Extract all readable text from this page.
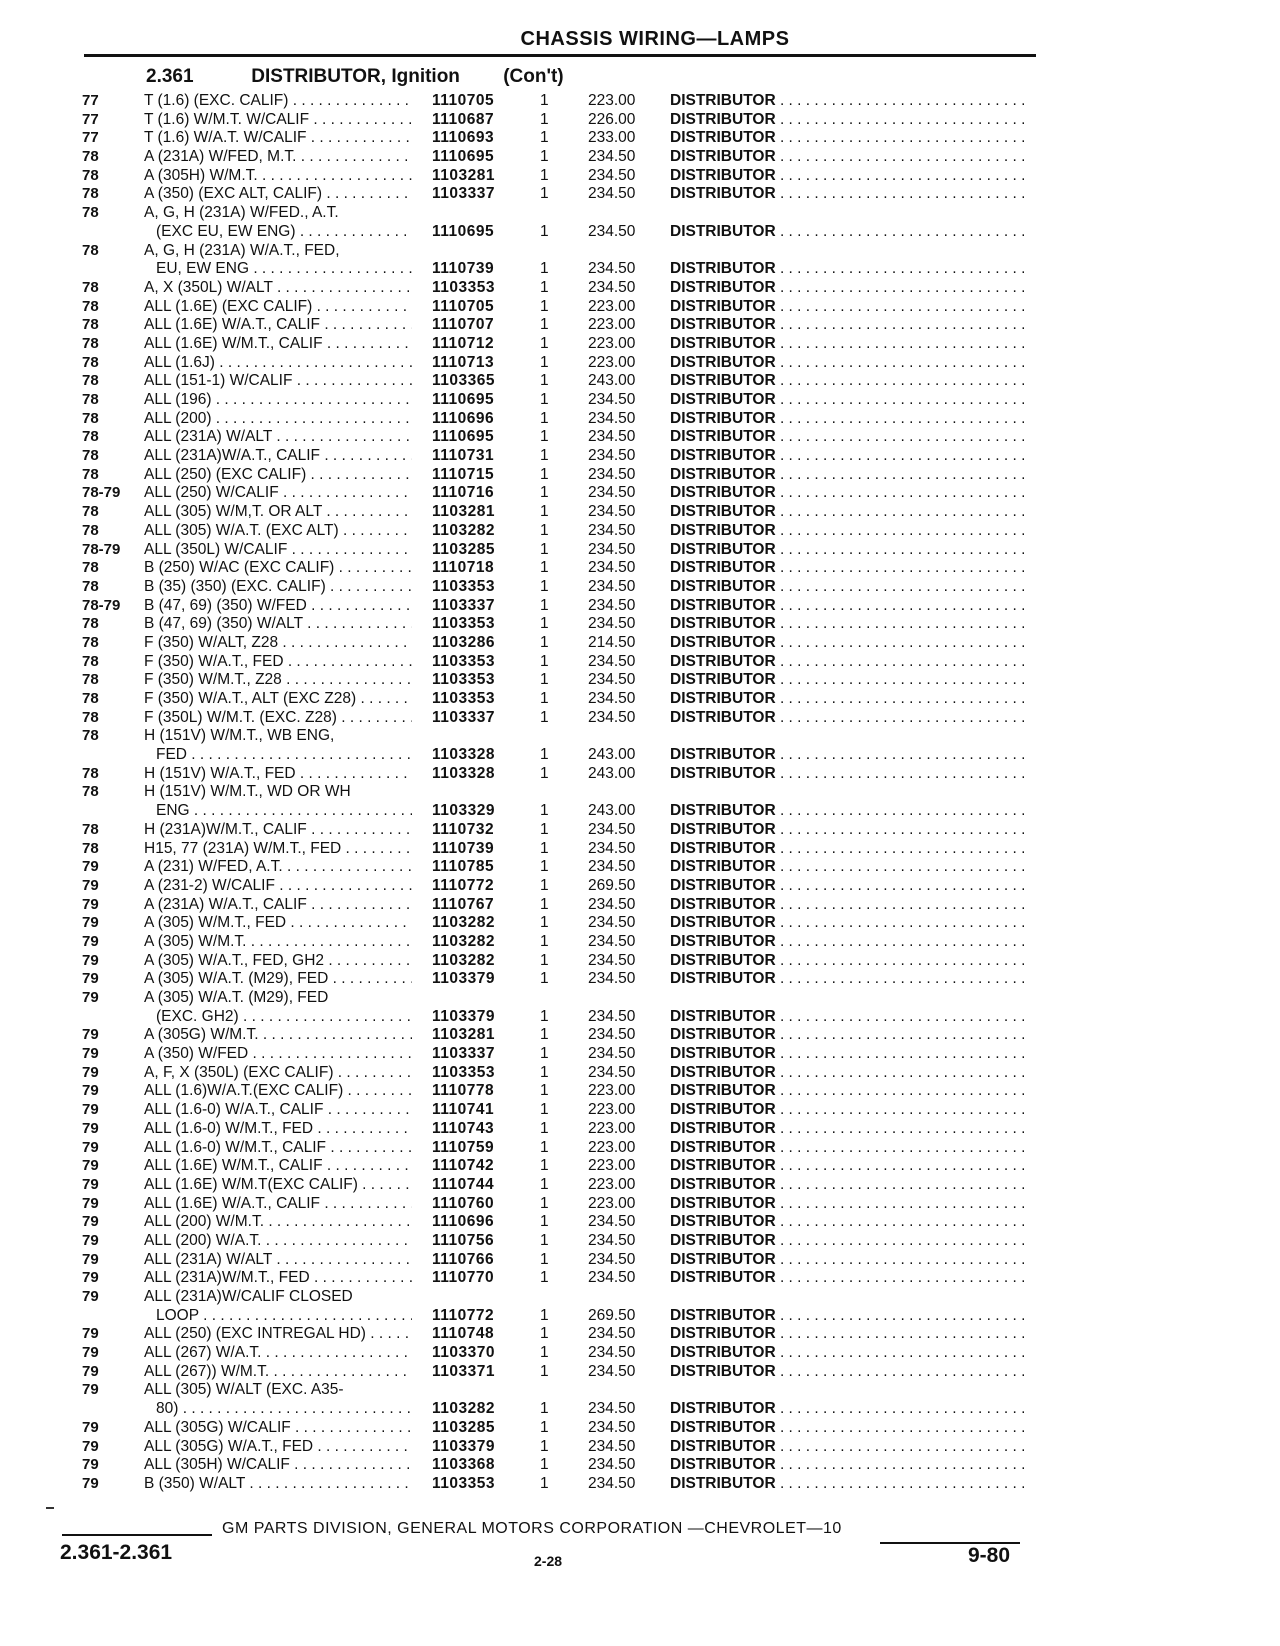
CHASSIS WIRING—LAMPS
2.361	DISTRIBUTOR, Ignition (Con't)
77	T (1.6) (EXC. CALIF) . . .	1110705	1	223.00 DISTRIBUTOR . . .
77	T (1.6) W/M.T. W/CALIF . . .	1110687	1	226.00 DISTRIBUTOR . . .
77	T (1.6) W/A.T. W/CALIF . . .	1110693	1	233.00 DISTRIBUTOR . . .
78	A (231A) W/FED, M.T. . . .	1110695	1	234.50 DISTRIBUTOR . . .
78	A (305H) W/M.T. . . .	1103281	1	234.50 DISTRIBUTOR . . .
78	A (350) (EXC ALT, CALIF) . . .	1103337	1	234.50 DISTRIBUTOR . . .
78	A, G, H (231A) W/FED., A.T.
(EXC EU, EW ENG) . . .	1110695	1	234.50 DISTRIBUTOR . . .
78	A, G, H (231A) W/A.T., FED,
EU, EW ENG . . .	1110739	1	234.50 DISTRIBUTOR . . .
78	A, X (350L) W/ALT . . .	1103353	1	234.50 DISTRIBUTOR . . .
78	ALL (1.6E) (EXC CALIF) . . .	1110705	1	223.00 DISTRIBUTOR . . .
78	ALL (1.6E) W/A.T., CALIF . . .	1110707	1	223.00 DISTRIBUTOR . . .
78	ALL (1.6E) W/M.T., CALIF . . .	1110712	1	223.00 DISTRIBUTOR . . .
78	ALL (1.6J) . . .	1110713	1	223.00 DISTRIBUTOR . . .
78	ALL (151-1) W/CALIF . . .	1103365	1	243.00 DISTRIBUTOR . . .
78	ALL (196) . . .	1110695	1	234.50 DISTRIBUTOR . . .
78	ALL (200) . . .	1110696	1	234.50 DISTRIBUTOR . . .
78	ALL (231A) W/ALT . . .	1110695	1	234.50 DISTRIBUTOR . . .
78	ALL (231A)W/A.T., CALIF . . .	1110731	1	234.50 DISTRIBUTOR . . .
78	ALL (250) (EXC CALIF) . . .	1110715	1	234.50 DISTRIBUTOR . . .
78-79 ALL (250) W/CALIF . . .	1110716	1	234.50 DISTRIBUTOR . . .
78	ALL (305) W/M,T. OR ALT . . .	1103281	1	234.50 DISTRIBUTOR . . .
78	ALL (305) W/A.T. (EXC ALT) . . .	1103282	1	234.50 DISTRIBUTOR . . .
78-79 ALL (350L) W/CALIF . . .	1103285	1	234.50 DISTRIBUTOR . . .
78	B (250) W/AC (EXC CALIF) . . .	1110718	1	234.50 DISTRIBUTOR . . .
78	B (35) (350) (EXC. CALIF) . . .	1103353	1	234.50 DISTRIBUTOR . . .
78-79 B (47, 69) (350) W/FED . . .	1103337	1	234.50 DISTRIBUTOR . . .
78	B (47, 69) (350) W/ALT . . .	1103353	1	234.50 DISTRIBUTOR . . .
78	F (350) W/ALT, Z28 . . .	1103286	1	214.50 DISTRIBUTOR . . .
78	F (350) W/A.T., FED . . .	1103353	1	234.50 DISTRIBUTOR . . .
78	F (350) W/M.T., Z28 . . .	1103353	1	234.50 DISTRIBUTOR . . .
78	F (350) W/A.T., ALT (EXC Z28) . . .	1103353	1	234.50 DISTRIBUTOR . . .
78	F (350L) W/M.T. (EXC. Z28) . . .	1103337	1	234.50 DISTRIBUTOR . . .
78	H (151V) W/M.T., WB ENG,
FED . . .	1103328	1	243.00 DISTRIBUTOR . . .
78	H (151V) W/A.T., FED . . .	1103328	1	243.00 DISTRIBUTOR . . .
78	H (151V) W/M.T., WD OR WH
ENG . . .	1103329	1	243.00 DISTRIBUTOR . . .
78	H (231A)W/M.T., CALIF . . .	1110732	1	234.50 DISTRIBUTOR . . .
78	H15, 77 (231A) W/M.T., FED . . .	1110739	1	234.50 DISTRIBUTOR . . .
79	A (231) W/FED, A.T. . . .	1110785	1	234.50 DISTRIBUTOR . . .
79	A (231-2) W/CALIF . . .	1110772	1	269.50 DISTRIBUTOR . . .
79	A (231A) W/A.T., CALIF . . .	1110767	1	234.50 DISTRIBUTOR . . .
79	A (305) W/M.T., FED . . .	1103282	1	234.50 DISTRIBUTOR . . .
79	A (305) W/M.T. . . .	1103282	1	234.50 DISTRIBUTOR . . .
79	A (305) W/A.T., FED, GH2 . . .	1103282	1	234.50 DISTRIBUTOR . . .
79	A (305) W/A.T. (M29), FED . . .	1103379	1	234.50 DISTRIBUTOR . . .
79	A (305) W/A.T. (M29), FED
(EXC. GH2) . . .	1103379	1	234.50 DISTRIBUTOR . . .
79	A (305G) W/M.T. . . .	1103281	1	234.50 DISTRIBUTOR . . .
79	A (350) W/FED . . .	1103337	1	234.50 DISTRIBUTOR . . .
79	A, F, X (350L) (EXC CALIF) . . .	1103353	1	234.50 DISTRIBUTOR . . .
79	ALL (1.6)W/A.T.(EXC CALIF) . . .	1110778	1	223.00 DISTRIBUTOR . . .
79	ALL (1.6-0) W/A.T., CALIF . . .	1110741	1	223.00 DISTRIBUTOR . . .
79	ALL (1.6-0) W/M.T., FED . . .	1110743	1	223.00 DISTRIBUTOR . . .
79	ALL (1.6-0) W/M.T., CALIF . . .	1110759	1	223.00 DISTRIBUTOR . . .
79	ALL (1.6E) W/M.T., CALIF . . .	1110742	1	223.00 DISTRIBUTOR . . .
79	ALL (1.6E) W/M.T(EXC CALIF) . . .	1110744	1	223.00 DISTRIBUTOR . . .
79	ALL (1.6E) W/A.T., CALIF . . .	1110760	1	223.00 DISTRIBUTOR . . .
79	ALL (200) W/M.T. . . .	1110696	1	234.50 DISTRIBUTOR . . .
79	ALL (200) W/A.T. . . .	1110756	1	234.50 DISTRIBUTOR . . .
79	ALL (231A) W/ALT . . .	1110766	1	234.50 DISTRIBUTOR . . .
79	ALL (231A)W/M.T., FED . . .	1110770	1	234.50 DISTRIBUTOR . . .
79	ALL (231A)W/CALIF CLOSED
LOOP . . .	1110772	1	269.50 DISTRIBUTOR . . .
79	ALL (250) (EXC INTREGAL HD) . . .	1110748	1	234.50 DISTRIBUTOR . . .
79	ALL (267) W/A.T. . . .	1103370	1	234.50 DISTRIBUTOR . . .
79	ALL (267)) W/M.T. . . .	1103371	1	234.50 DISTRIBUTOR . . .
79	ALL (305) W/ALT (EXC. A35-
80) . . .	1103282	1	234.50 DISTRIBUTOR . . .
79	ALL (305G) W/CALIF . . .	1103285	1	234.50 DISTRIBUTOR . . .
79	ALL (305G) W/A.T., FED . . .	1103379	1	234.50 DISTRIBUTOR . . .
79	ALL (305H) W/CALIF . . .	1103368	1	234.50 DISTRIBUTOR . . .
79	B (350) W/ALT . . .	1103353	1	234.50 DISTRIBUTOR . . .
GM PARTS DIVISION, GENERAL MOTORS CORPORATION —CHEVROLET—10
2.361-2.361	2-28	9-80
